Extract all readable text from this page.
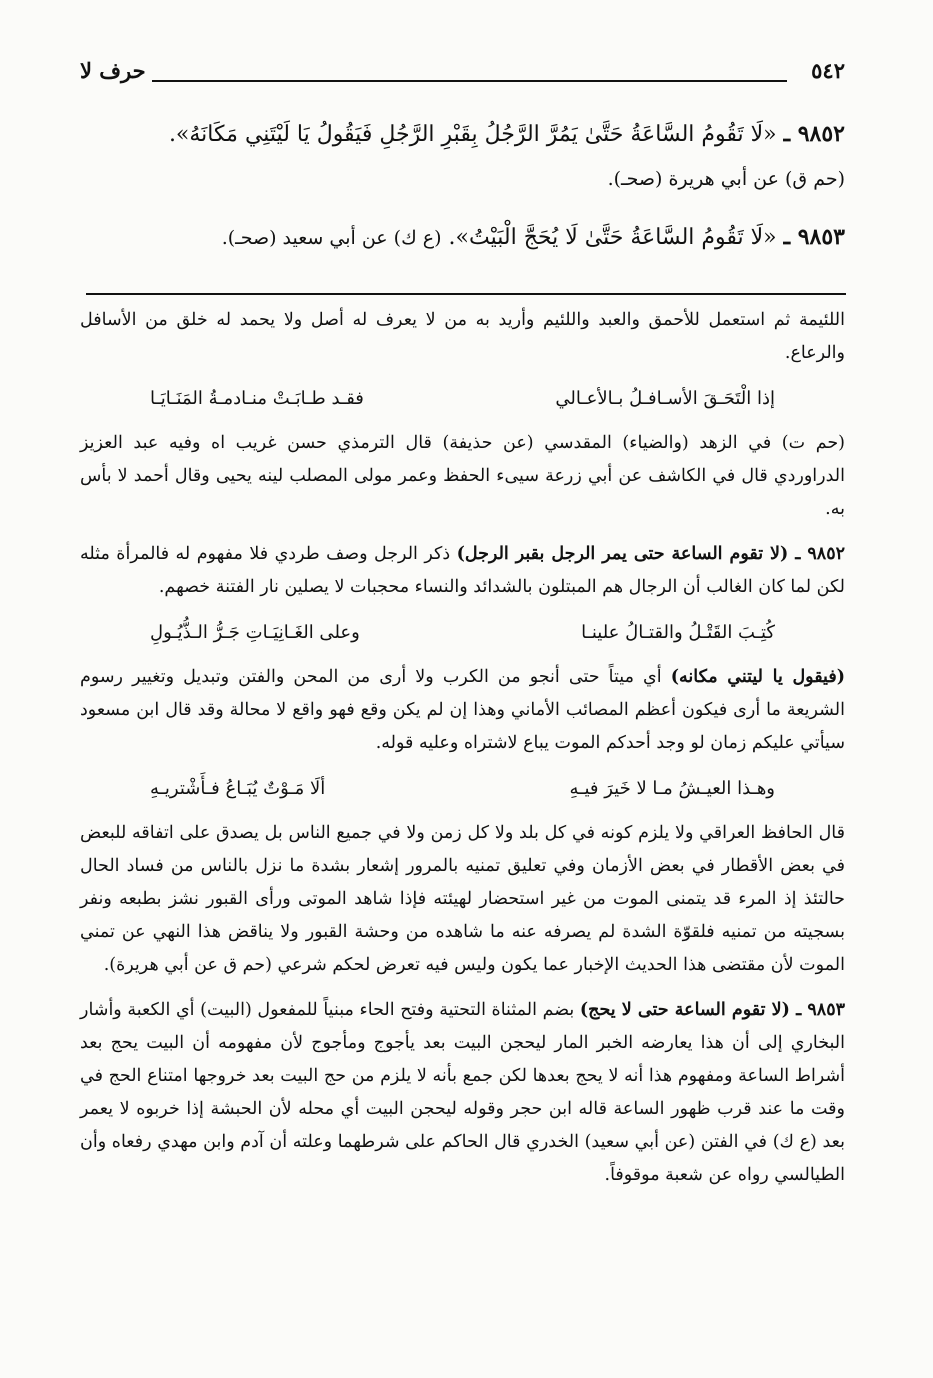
٥٤٢
حرف لا

٩٨٥٢ ـ «لَا تَقُومُ السَّاعَةُ حَتَّىٰ يَمُرَّ الرَّجُلُ بِقَبْرِ الرَّجُلِ فَيَقُولُ يَا لَيْتَنِي مَكَانَهُ».
(حم ق) عن أبي هريرة (صحـ).

٩٨٥٣ ـ «لَا تَقُومُ السَّاعَةُ حَتَّىٰ لَا يُحَجَّ الْبَيْتُ». (ع ك) عن أبي سعيد (صحـ).

اللئيمة ثم استعمل للأحمق والعبد واللئيم وأريد به من لا يعرف له أصل ولا يحمد له خلق من الأسافل والرعاع.

إذا الْتَحَـقَ الأسـافـلُ بـالأعـالي
فقـد طـابَـتْ منـادمـةُ المَنَـايَـا

(حم ت) في الزهد (والضياء) المقدسي (عن حذيفة) قال الترمذي حسن غريب اه وفيه عبد العزيز الدراوردي قال في الكاشف عن أبي زرعة سيىء الحفظ وعمر مولى المصلب لينه يحيى وقال أحمد لا بأس به.

٩٨٥٢ ـ (لا تقوم الساعة حتى يمر الرجل بقبر الرجل) ذكر الرجل وصف طردي فلا مفهوم له فالمرأة مثله لكن لما كان الغالب أن الرجال هم المبتلون بالشدائد والنساء محجبات لا يصلين نار الفتنة خصهم.

كُتِـبَ القَتْـلُ والقتـالُ علينـا
وعلى الغَـانِيَـاتِ جَـرُّ الـذُّيُـولِ

(فيقول يا ليتني مكانه) أي ميتاً حتى أنجو من الكرب ولا أرى من المحن والفتن وتبديل وتغيير رسوم الشريعة ما أرى فيكون أعظم المصائب الأماني وهذا إن لم يكن وقع فهو واقع لا محالة وقد قال ابن مسعود سيأتي عليكم زمان لو وجد أحدكم الموت يباع لاشتراه وعليه قوله.

وهـذا العيـشُ مـا لا خَيرَ فيـهِ
ألَا مَـوْتٌ يُبَـاعُ فـأَشْتريـهِ

قال الحافظ العراقي ولا يلزم كونه في كل بلد ولا كل زمن ولا في جميع الناس بل يصدق على اتفاقه للبعض في بعض الأقطار في بعض الأزمان وفي تعليق تمنيه بالمرور إشعار بشدة ما نزل بالناس من فساد الحال حالتئذ إذ المرء قد يتمنى الموت من غير استحضار لهيئته فإذا شاهد الموتى ورأى القبور نشز بطبعه ونفر بسجيته من تمنيه فلقوّة الشدة لم يصرفه عنه ما شاهده من وحشة القبور ولا يناقض هذا النهي عن تمني الموت لأن مقتضى هذا الحديث الإخبار عما يكون وليس فيه تعرض لحكم شرعي (حم ق عن أبي هريرة).

٩٨٥٣ ـ (لا تقوم الساعة حتى لا يحج) بضم المثناة التحتية وفتح الحاء مبنياً للمفعول (البيت) أي الكعبة وأشار البخاري إلى أن هذا يعارضه الخبر المار ليحجن البيت بعد يأجوج ومأجوج لأن مفهومه أن البيت يحج بعد أشراط الساعة ومفهوم هذا أنه لا يحج بعدها لكن جمع بأنه لا يلزم من حج البيت بعد خروجها امتناع الحج في وقت ما عند قرب ظهور الساعة قاله ابن حجر وقوله ليحجن البيت أي محله لأن الحبشة إذا خربوه لا يعمر بعد (ع ك) في الفتن (عن أبي سعيد) الخدري قال الحاكم على شرطهما وعلته أن آدم وابن مهدي رفعاه وأن الطيالسي رواه عن شعبة موقوفاً.
